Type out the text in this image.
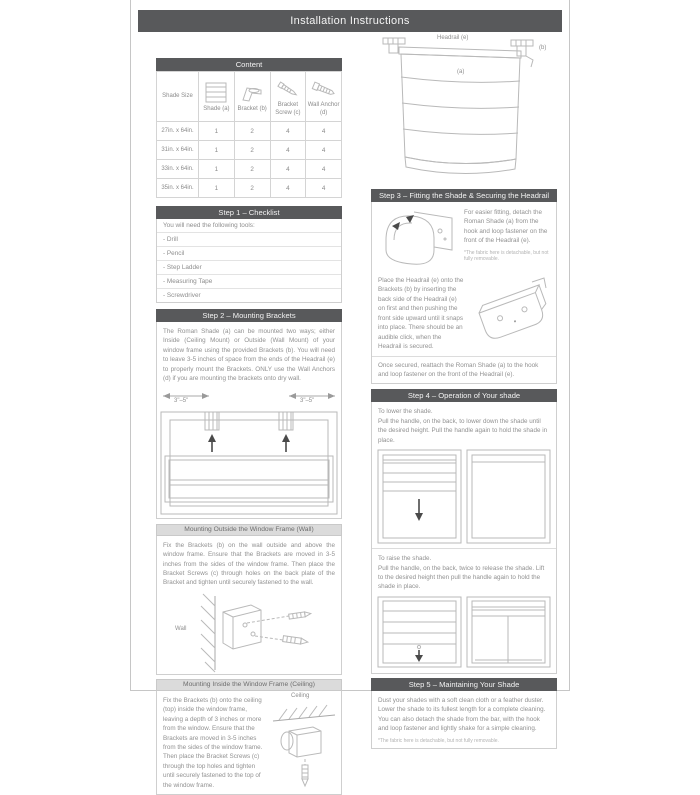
Installation Instructions
Content
Shade Size	Shade (a)	Bracket (b)	Bracket Screw (c)	Wall Anchor (d)
27in. x 64in.	1	2	4	4
31in. x 64in.	1	2	4	4
33in. x 64in.	1	2	4	4
35in. x 64in.	1	2	4	4
Step 1 – Checklist
You will need the following tools:
- Drill
- Pencil
- Step Ladder
- Measuring Tape
- Screwdriver
Step 2 – Mounting Brackets
The Roman Shade (a) can be mounted two ways; either Inside (Ceiling Mount) or Outside (Wall Mount) of your window frame using the provided Brackets (b). You will need to leave 3-5 inches of space from the ends of the Headrail (e) to properly mount the Brackets. ONLY use the Wall Anchors (d) if you are mounting the brackets onto dry wall.
3"–5"	3"–5"
Mounting Outside the Window Frame (Wall)
Fix the Brackets (b) on the wall outside and above the window frame. Ensure that the Brackets are moved in 3-5 inches from the sides of the window frame. Then place the Bracket Screws (c) through holes on the back plate of the Bracket and tighten until securely fastened to the wall.
Wall
Mounting Inside the Window Frame (Ceiling)
Fix the Brackets (b) onto the ceiling (top) inside the window frame, leaving a depth of 3 inches or more from the window. Ensure that the Brackets are moved in 3-5 inches from the sides of the window frame. Then place the Bracket Screws (c) through the top holes and tighten until securely fastened to the top of the window frame.
Ceiling
Headrail (e)
(a)
(b)
Step 3 – Fitting the Shade & Securing the Headrail
For easier fitting, detach the Roman Shade (a) from the hook and loop fastener on the front of the Headrail (e).
*The fabric here is detachable, but not fully removable.
Place the Headrail (e) onto the Brackets (b) by inserting the back side of the Headrail (e) on first and then pushing the front side upward until it snaps into place. There should be an audible click, when the Headrail is secured.
Once secured, reattach the Roman Shade (a) to the hook and loop fastener on the front of the Headrail (e).
Step 4 – Operation of Your shade
To lower the shade.
Pull the handle, on the back, to lower down the shade until the desired height. Pull the handle again to hold the shade in place.
To raise the shade.
Pull the handle, on the back, twice to release the shade. Lift to the desired height then pull the handle again to hold the shade in place.
Step 5 – Maintaining Your Shade
Dust your shades with a soft clean cloth or a feather duster. Lower the shade to its fullest length for a complete cleaning. You can also detach the shade from the bar, with the hook and loop fastener and lightly shake for a simple cleaning.
*The fabric here is detachable, but not fully removable.
